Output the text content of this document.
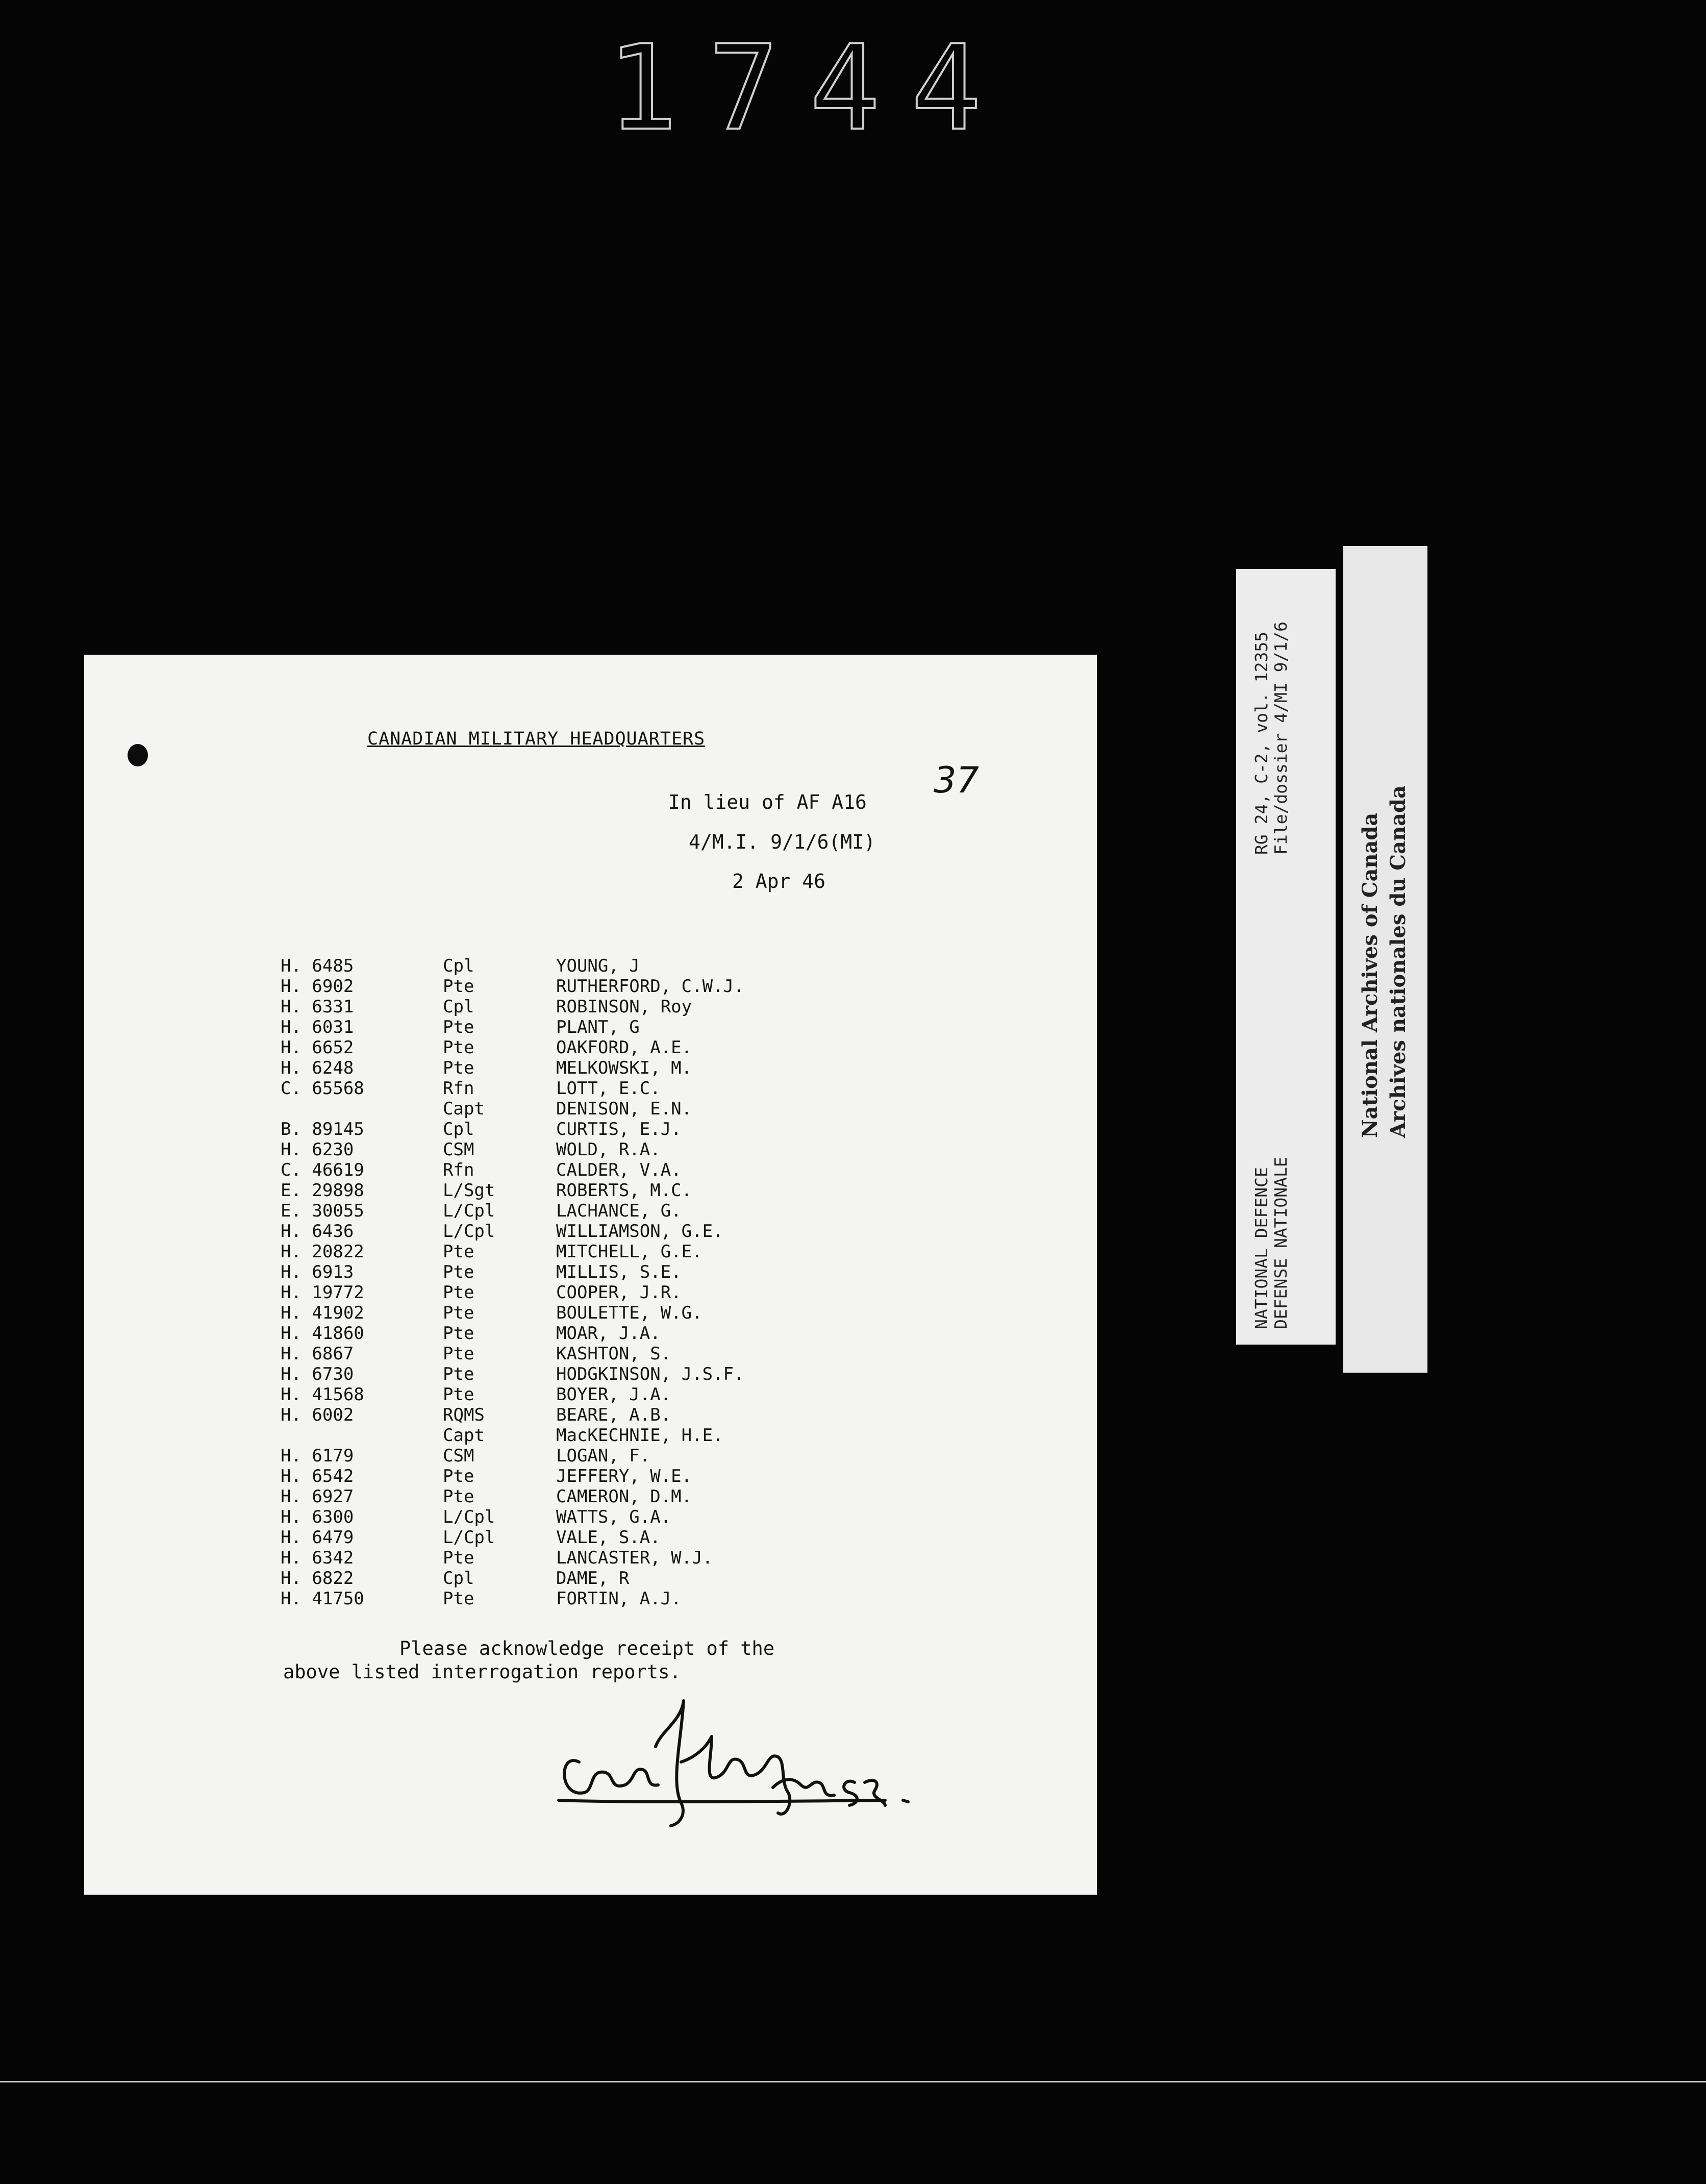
1744
CANADIAN MILITARY HEADQUARTERS
37
In lieu of AF A16
4/M.I. 9/1/6(MI)
2 Apr 46
H. 6485	Cpl	YOUNG, J
H. 6902	Pte	RUTHERFORD, C.W.J.
H. 6331	Cpl	ROBINSON, Roy
H. 6031	Pte	PLANT, G
H. 6652	Pte	OAKFORD, A.E.
H. 6248	Pte	MELKOWSKI, M.
C. 65568	Rfn	LOTT, E.C.
	Capt	DENISON, E.N.
B. 89145	Cpl	CURTIS, E.J.
H. 6230	CSM	WOLD, R.A.
C. 46619	Rfn	CALDER, V.A.
E. 29898	L/Sgt	ROBERTS, M.C.
E. 30055	L/Cpl	LACHANCE, G.
H. 6436	L/Cpl	WILLIAMSON, G.E.
H. 20822	Pte	MITCHELL, G.E.
H. 6913	Pte	MILLIS, S.E.
H. 19772	Pte	COOPER, J.R.
H. 41902	Pte	BOULETTE, W.G.
H. 41860	Pte	MOAR, J.A.
H. 6867	Pte	KASHTON, S.
H. 6730	Pte	HODGKINSON, J.S.F.
H. 41568	Pte	BOYER, J.A.
H. 6002	RQMS	BEARE, A.B.
	Capt	MacKECHNIE, H.E.
H. 6179	CSM	LOGAN, F.
H. 6542	Pte	JEFFERY, W.E.
H. 6927	Pte	CAMERON, D.M.
H. 6300	L/Cpl	WATTS, G.A.
H. 6479	L/Cpl	VALE, S.A.
H. 6342	Pte	LANCASTER, W.J.
H. 6822	Cpl	DAME, R
H. 41750	Pte	FORTIN, A.J.
Please acknowledge receipt of the
above listed interrogation reports.
RG 24, C-2, vol. 12355 File/dossier 4/MI 9/1/6
NATIONAL DEFENCE DEFENSE NATIONALE
National Archives of Canada Archives nationales du Canada
